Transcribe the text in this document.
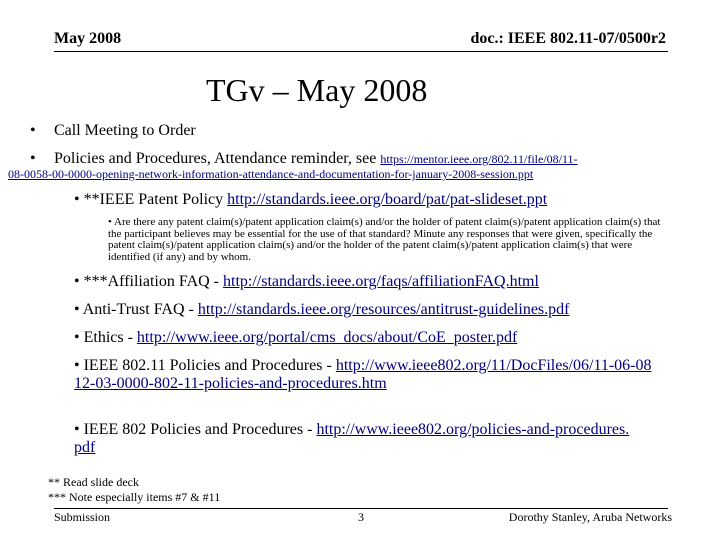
May 2008	doc.: IEEE 802.11-07/0500r2
TGv – May 2008
• Call Meeting to Order
• Policies and Procedures, Attendance reminder, see https://mentor.ieee.org/802.11/file/08/11-
08-0058-00-0000-opening-network-information-attendance-and-documentation-for-january-2008-session.ppt
• **IEEE Patent Policy http://standards.ieee.org/board/pat/pat-slideset.ppt
• Are there any patent claim(s)/patent application claim(s) and/or the holder of patent claim(s)/patent application claim(s) that the participant believes may be essential for the use of that standard? Minute any responses that were given, specifically the patent claim(s)/patent application claim(s) and/or the holder of the patent claim(s)/patent application claim(s) that were identified (if any) and by whom.
• ***Affiliation FAQ - http://standards.ieee.org/faqs/affiliationFAQ.html
• Anti-Trust FAQ - http://standards.ieee.org/resources/antitrust-guidelines.pdf
• Ethics - http://www.ieee.org/portal/cms_docs/about/CoE_poster.pdf
• IEEE 802.11 Policies and Procedures - http://www.ieee802.org/11/DocFiles/06/11-06-0812-03-0000-802-11-policies-and-procedures.htm
• IEEE 802 Policies and Procedures - http://www.ieee802.org/policies-and-procedures.pdf
** Read slide deck
*** Note especially items #7 & #11
Submission	3	Dorothy Stanley, Aruba Networks
